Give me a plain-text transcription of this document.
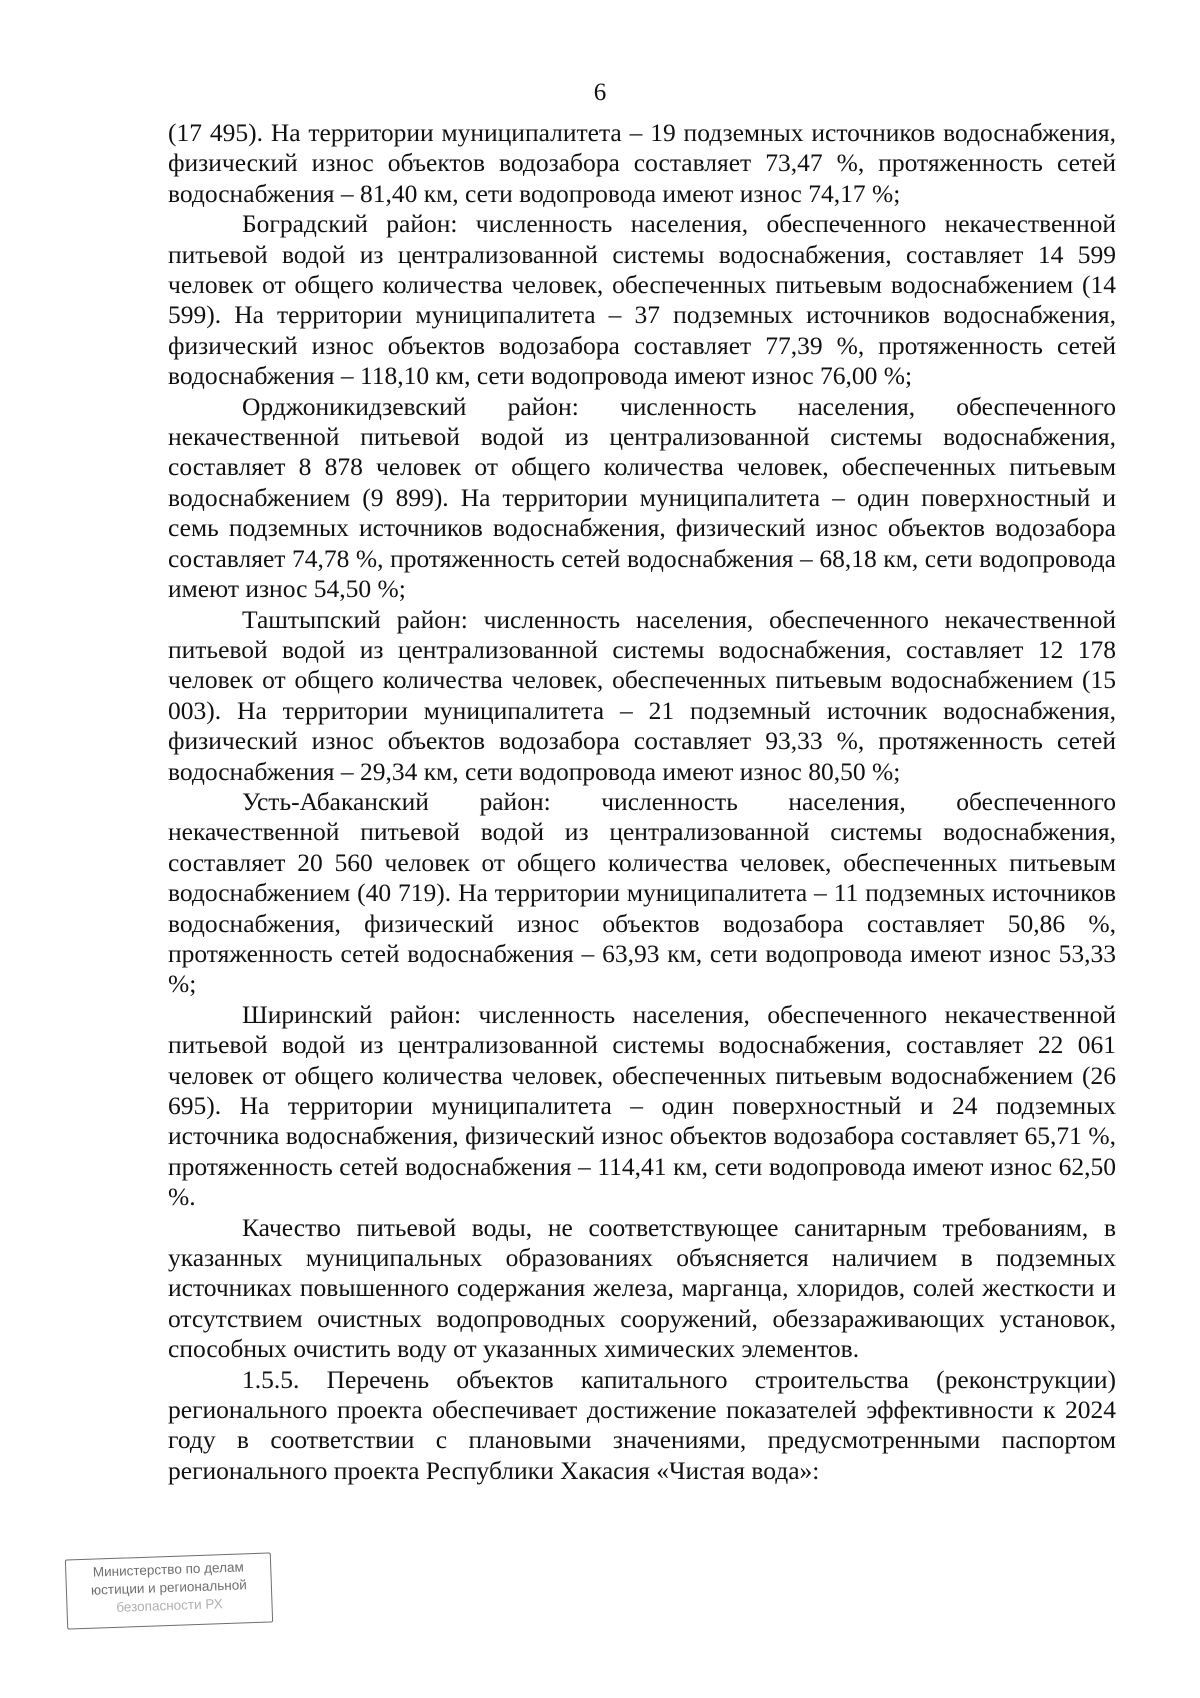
6

(17 495). На территории муниципалитета – 19 подземных источников водоснабжения, физический износ объектов водозабора составляет 73,47 %, протяженность сетей водоснабжения – 81,40 км, сети водопровода имеют износ 74,17 %;

Боградский район: численность населения, обеспеченного некачественной питьевой водой из централизованной системы водоснабжения, составляет 14 599 человек от общего количества человек, обеспеченных питьевым водоснабжением (14 599). На территории муниципалитета – 37 подземных источников водоснабжения, физический износ объектов водозабора составляет 77,39 %, протяженность сетей водоснабжения – 118,10 км, сети водопровода имеют износ 76,00 %;

Орджоникидзевский район: численность населения, обеспеченного некачественной питьевой водой из централизованной системы водоснабжения, составляет 8 878 человек от общего количества человек, обеспеченных питьевым водоснабжением (9 899). На территории муниципалитета – один поверхностный и семь подземных источников водоснабжения, физический износ объектов водозабора составляет 74,78 %, протяженность сетей водоснабжения – 68,18 км, сети водопровода имеют износ 54,50 %;

Таштыпский район: численность населения, обеспеченного некачественной питьевой водой из централизованной системы водоснабжения, составляет 12 178 человек от общего количества человек, обеспеченных питьевым водоснабжением (15 003). На территории муниципалитета – 21 подземный источник водоснабжения, физический износ объектов водозабора составляет 93,33 %, протяженность сетей водоснабжения – 29,34 км, сети водопровода имеют износ 80,50 %;

Усть-Абаканский район: численность населения, обеспеченного некачественной питьевой водой из централизованной системы водоснабжения, составляет 20 560 человек от общего количества человек, обеспеченных питьевым водоснабжением (40 719). На территории муниципалитета – 11 подземных источников водоснабжения, физический износ объектов водозабора составляет 50,86 %, протяженность сетей водоснабжения – 63,93 км, сети водопровода имеют износ 53,33 %;

Ширинский район: численность населения, обеспеченного некачественной питьевой водой из централизованной системы водоснабжения, составляет 22 061 человек от общего количества человек, обеспеченных питьевым водоснабжением (26 695). На территории муниципалитета – один поверхностный и 24 подземных источника водоснабжения, физический износ объектов водозабора составляет 65,71 %, протяженность сетей водоснабжения – 114,41 км, сети водопровода имеют износ 62,50 %.

Качество питьевой воды, не соответствующее санитарным требованиям, в указанных муниципальных образованиях объясняется наличием в подземных источниках повышенного содержания железа, марганца, хлоридов, солей жесткости и отсутствием очистных водопроводных сооружений, обеззараживающих установок, способных очистить воду от указанных химических элементов.

1.5.5. Перечень объектов капитального строительства (реконструкции) регионального проекта обеспечивает достижение показателей эффективности к 2024 году в соответствии с плановыми значениями, предусмотренными паспортом регионального проекта Республики Хакасия «Чистая вода»:

Министерство по делам
юстиции и региональной
безопасности РХ
